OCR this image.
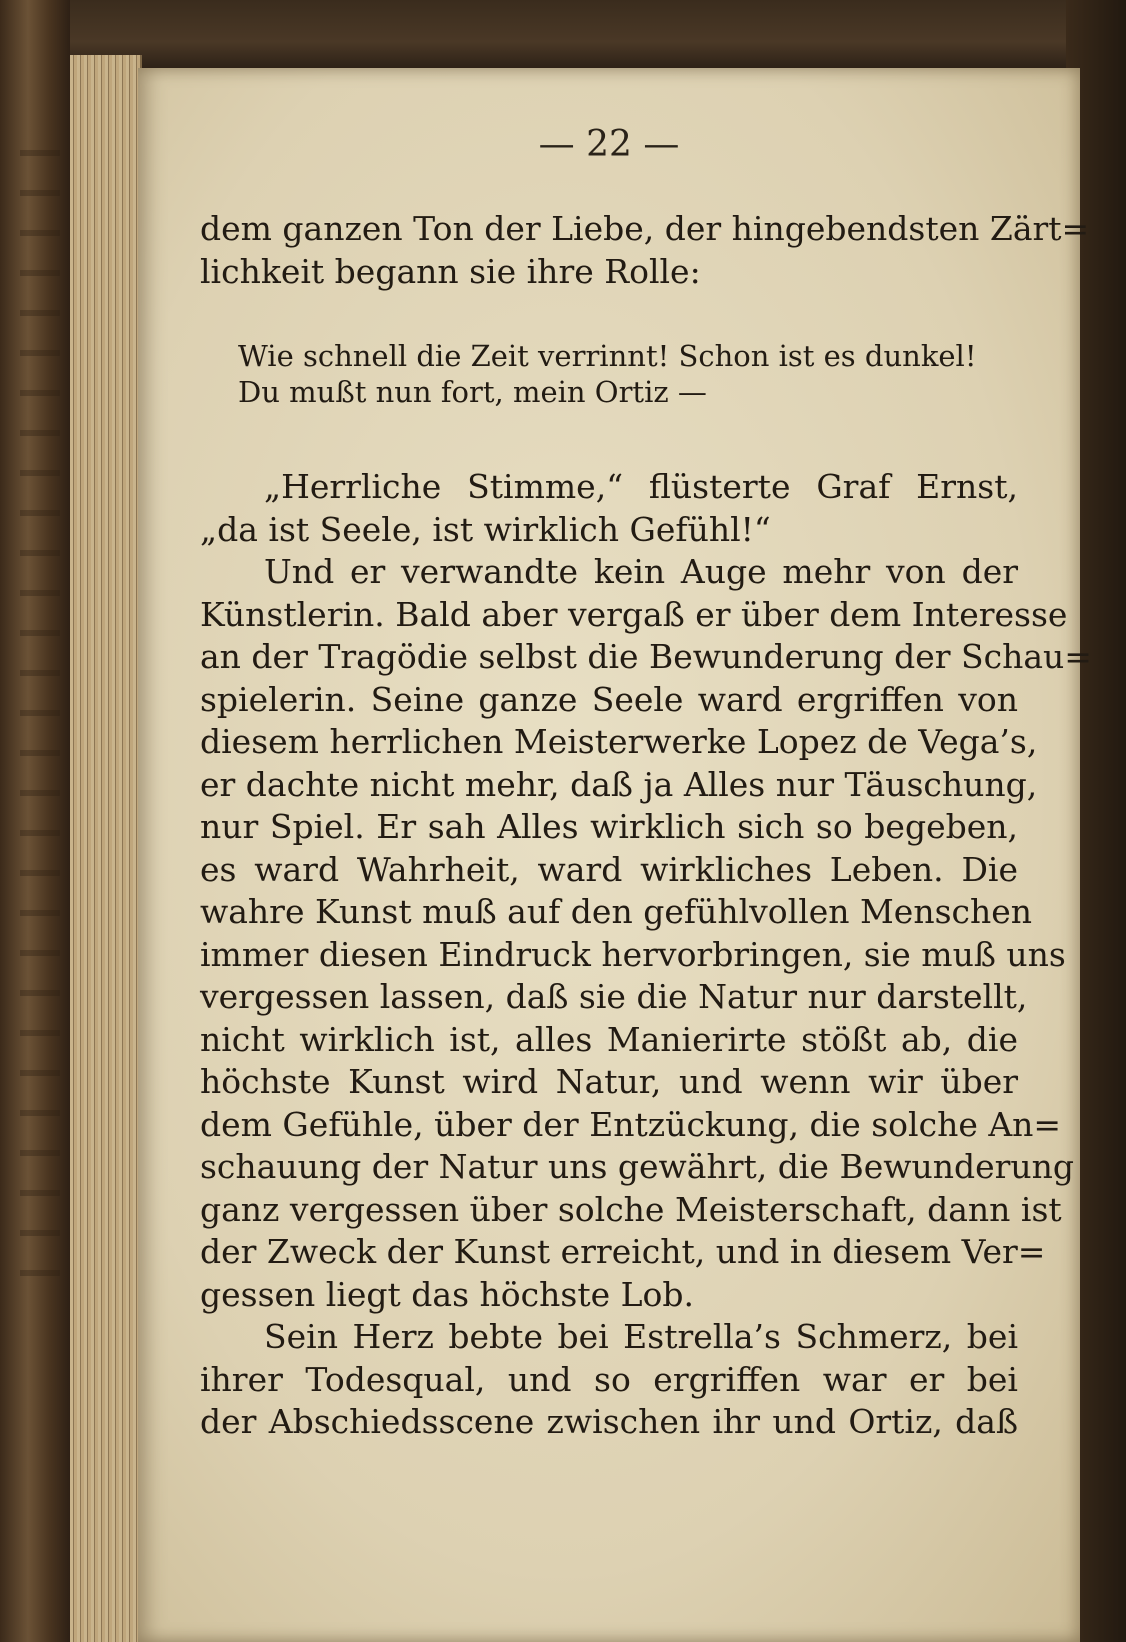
— 22 —
dem ganzen Ton der Liebe, der hingebendsten Zärt=
lichkeit begann sie ihre Rolle:
Wie schnell die Zeit verrinnt! Schon ist es dunkel!
Du mußt nun fort, mein Ortiz —
„Herrliche Stimme,“ flüsterte Graf Ernst,
„da ist Seele, ist wirklich Gefühl!“
Und er verwandte kein Auge mehr von der
Künstlerin. Bald aber vergaß er über dem Interesse
an der Tragödie selbst die Bewunderung der Schau=
spielerin. Seine ganze Seele ward ergriffen von
diesem herrlichen Meisterwerke Lopez de Vega’s,
er dachte nicht mehr, daß ja Alles nur Täuschung,
nur Spiel. Er sah Alles wirklich sich so begeben,
es ward Wahrheit, ward wirkliches Leben. Die
wahre Kunst muß auf den gefühlvollen Menschen
immer diesen Eindruck hervorbringen, sie muß uns
vergessen lassen, daß sie die Natur nur darstellt,
nicht wirklich ist, alles Manierirte stößt ab, die
höchste Kunst wird Natur, und wenn wir über
dem Gefühle, über der Entzückung, die solche An=
schauung der Natur uns gewährt, die Bewunderung
ganz vergessen über solche Meisterschaft, dann ist
der Zweck der Kunst erreicht, und in diesem Ver=
gessen liegt das höchste Lob.
Sein Herz bebte bei Estrella’s Schmerz, bei
ihrer Todesqual, und so ergriffen war er bei
der Abschiedsscene zwischen ihr und Ortiz, daß
